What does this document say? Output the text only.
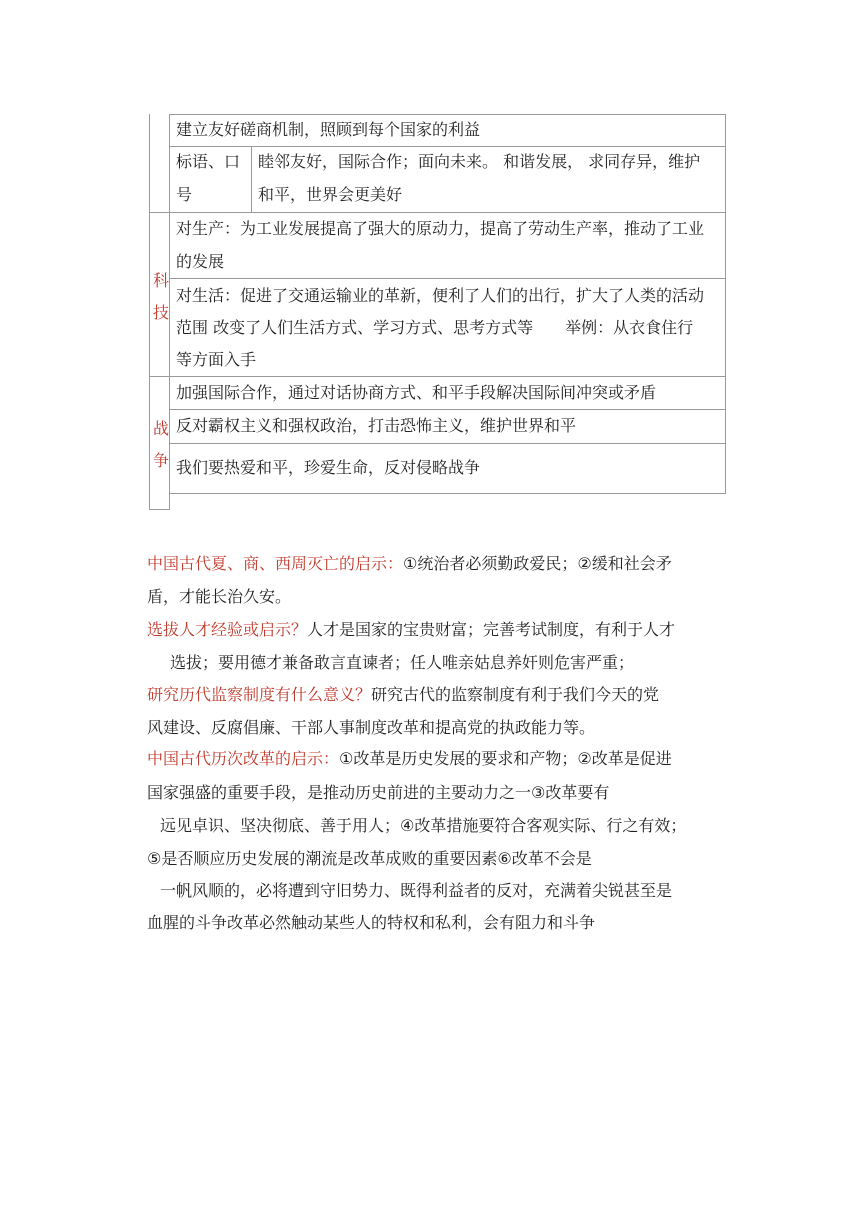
建立友好磋商机制，照顾到每个国家的利益
标语、口
号
睦邻友好，国际合作；面向未来。 和谐发展， 求同存异，维护
和平，世界会更美好
科
技
对生产：为工业发展提高了强大的原动力，提高了劳动生产率，推动了工业
的发展
对生活：促进了交通运输业的革新，便利了人们的出行，扩大了人类的活动
范围 改变了人们生活方式、学习方式、思考方式等　　举例：从衣食住行
等方面入手
战
争
加强国际合作，通过对话协商方式、和平手段解决国际间冲突或矛盾
反对霸权主义和强权政治，打击恐怖主义，维护世界和平
我们要热爱和平，珍爱生命，反对侵略战争
中国古代夏、商、西周灭亡的启示：①统治者必须勤政爱民；②缓和社会矛
盾，才能长治久安。
选拔人才经验或启示？人才是国家的宝贵财富；完善考试制度，有利于人才
选拔；要用德才兼备敢言直谏者；任人唯亲姑息养奸则危害严重；
研究历代监察制度有什么意义？研究古代的监察制度有利于我们今天的党
风建设、反腐倡廉、干部人事制度改革和提高党的执政能力等。
中国古代历次改革的启示：①改革是历史发展的要求和产物；②改革是促进
国家强盛的重要手段，是推动历史前进的主要动力之一③改革要有
远见卓识、坚决彻底、善于用人；④改革措施要符合客观实际、行之有效；
⑤是否顺应历史发展的潮流是改革成败的重要因素⑥改革不会是
一帆风顺的，必将遭到守旧势力、既得利益者的反对，充满着尖锐甚至是
血腥的斗争改革必然触动某些人的特权和私利，会有阻力和斗争
